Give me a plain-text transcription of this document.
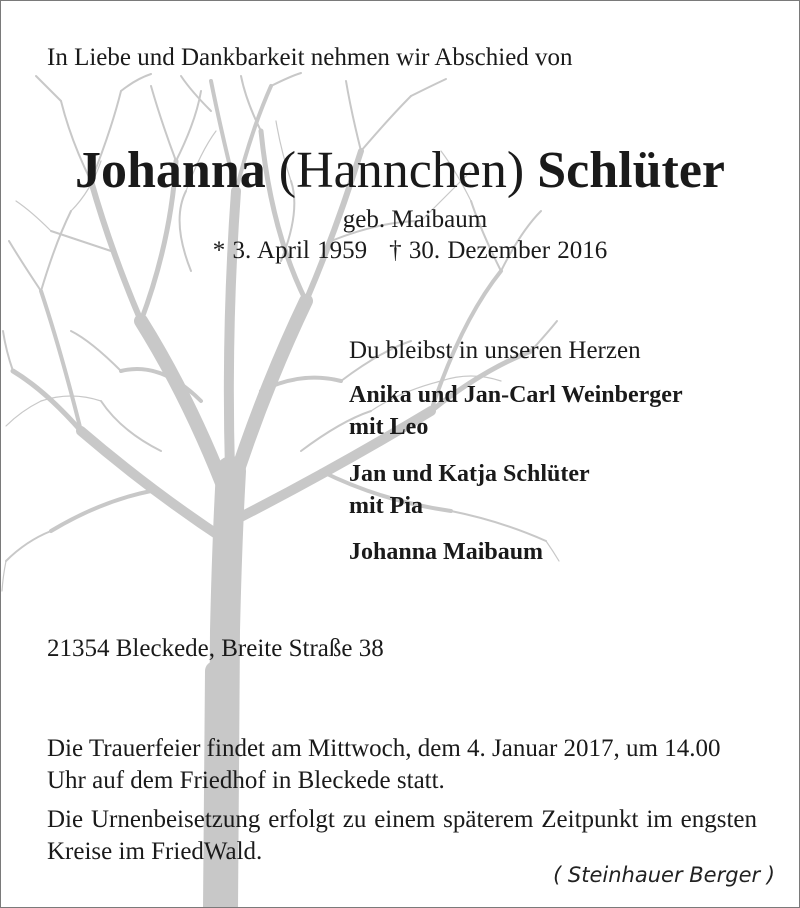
In Liebe und Dankbarkeit nehmen wir Abschied von
Johanna (Hannchen) Schlüter
geb. Maibaum
* 3. April 1959 † 30. Dezember 2016
Du bleibst in unseren Herzen
Anika und Jan-Carl Weinberger
mit Leo
Jan und Katja Schlüter
mit Pia
Johanna Maibaum
21354 Bleckede, Breite Straße 38
Die Trauerfeier findet am Mittwoch, dem 4. Januar 2017, um 14.00 Uhr auf dem Friedhof in Bleckede statt.
Die Urnenbeisetzung erfolgt zu einem späterem Zeitpunkt im engsten Kreise im FriedWald.
( Steinhauer Berger )
